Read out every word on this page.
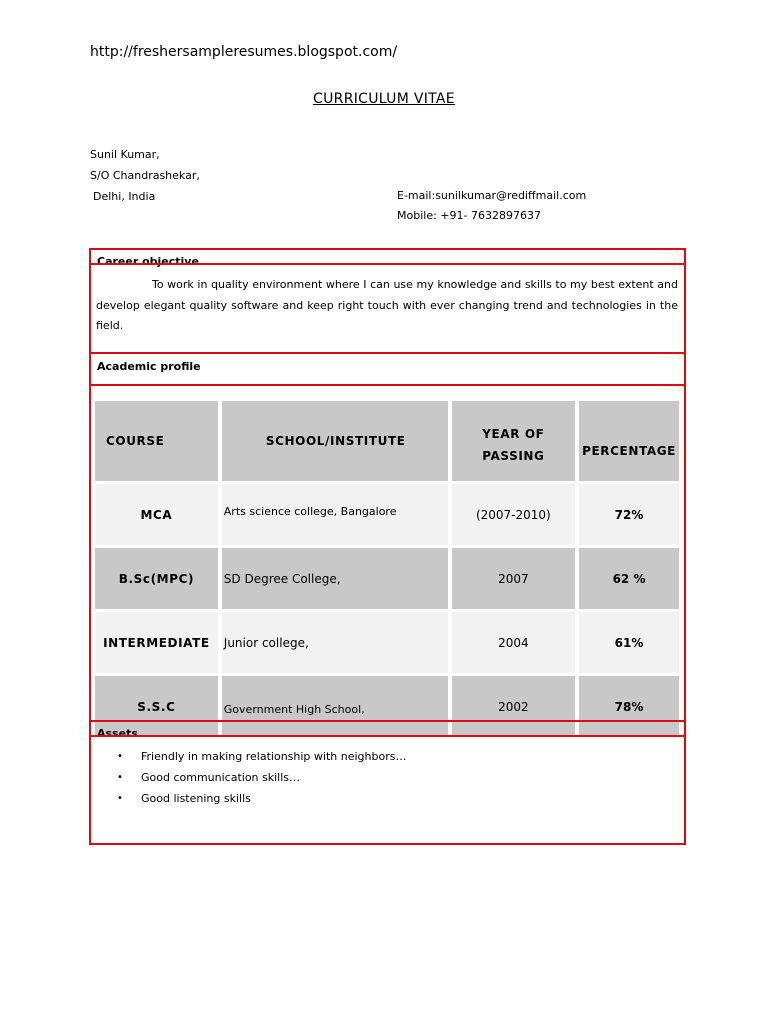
http://freshersampleresumes.blogspot.com/
CURRICULUM VITAE
Sunil Kumar,
S/O Chandrashekar,
Delhi, India	E-mail:sunilkumar@rediffmail.com
Mobile: +91- 7632897637
Career objective
To work in quality environment where I can use my knowledge and skills to my best extent and develop elegant quality software and keep right touch with ever changing trend and technologies in the field.
Academic profile
COURSE	SCHOOL/INSTITUTE	YEAR OF PASSING	PERCENTAGE
MCA	Arts science college, Bangalore	(2007-2010)	72%
B.Sc(MPC)	SD Degree College,	2007	62 %
INTERMEDIATE	Junior college,	2004	61%
S.S.C	Government High School,	2002	78%
Assets
• Friendly in making relationship with neighbors…
• Good communication skills…
• Good listening skills
